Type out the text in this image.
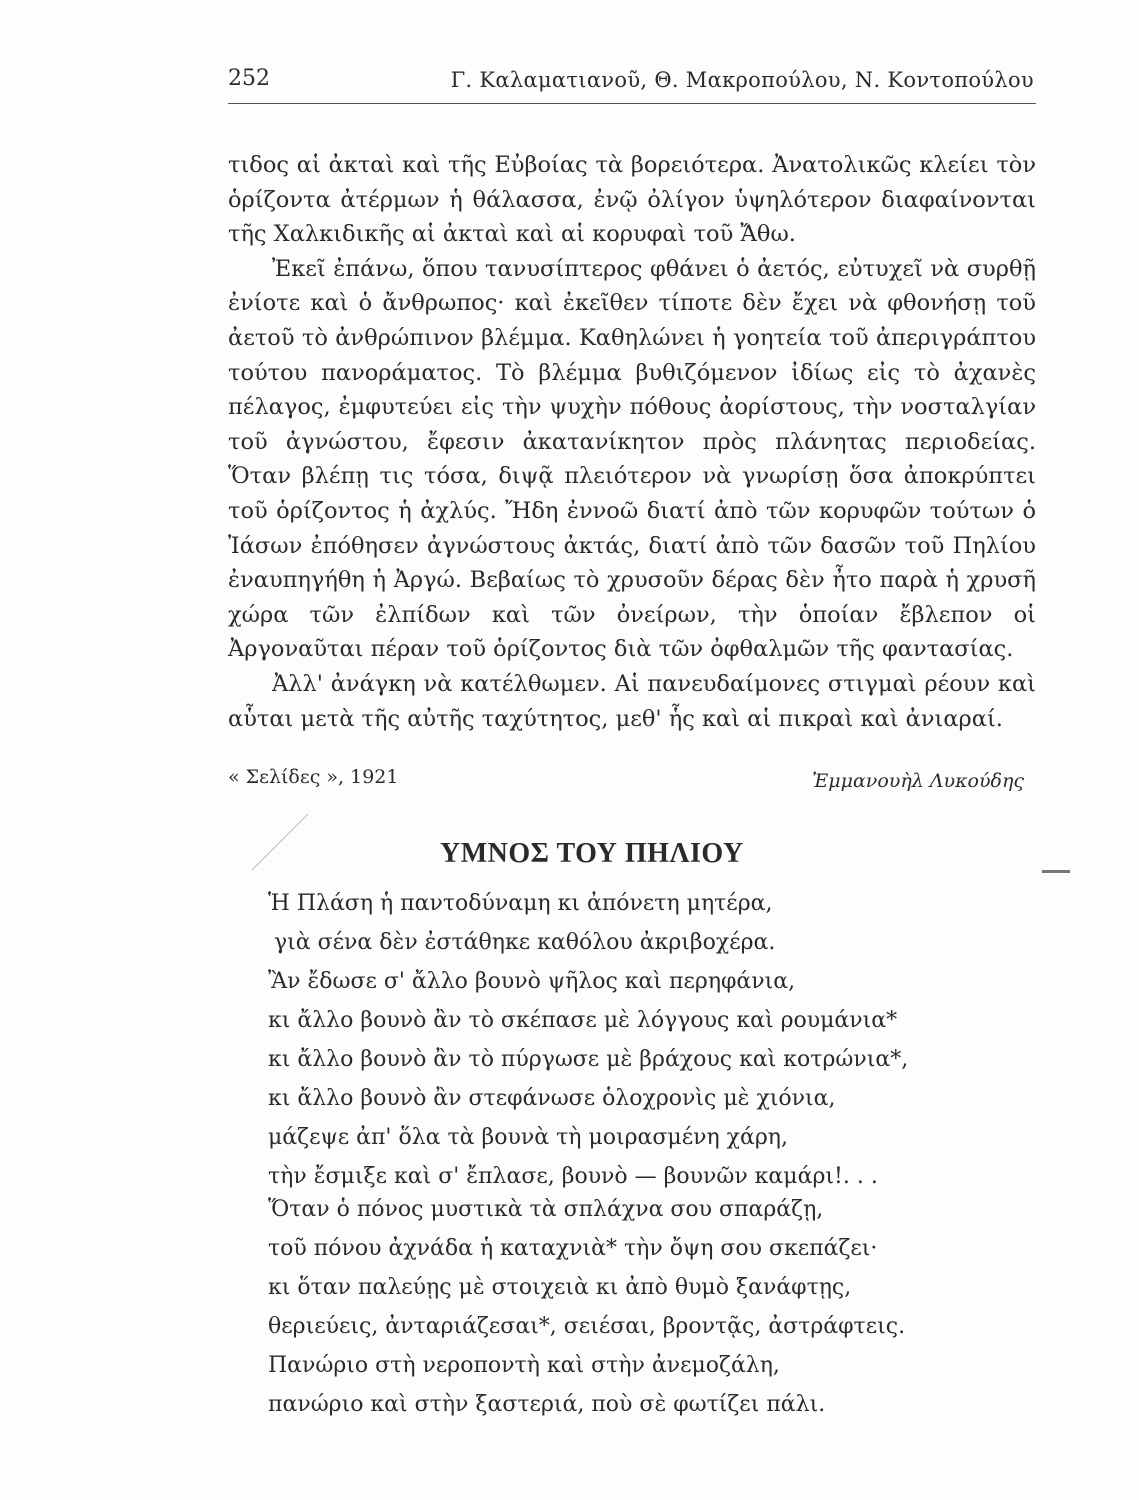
252	Γ. Καλαματιανοῦ, Θ. Μακροπούλου, Ν. Κοντοπούλου

τιδος αἱ ἀκταὶ καὶ τῆς Εὐβοίας τὰ βορειότερα. Ἀνατολικῶς κλείει τὸν ὁρίζοντα ἀτέρμων ἡ θάλασσα, ἐνῷ ὀλίγον ὑψηλότερον διαφαίνονται τῆς Χαλκιδικῆς αἱ ἀκταὶ καὶ αἱ κορυφαὶ τοῦ Ἄθω.

Ἐκεῖ ἐπάνω, ὅπου τανυσίπτερος φθάνει ὁ ἀετός, εὐτυχεῖ νὰ συρθῇ ἐνίοτε καὶ ὁ ἄνθρωπος· καὶ ἐκεῖθεν τίποτε δὲν ἔχει νὰ φθονήσῃ τοῦ ἀετοῦ τὸ ἀνθρώπινον βλέμμα. Καθηλώνει ἡ γοητεία τοῦ ἀπεριγράπτου τούτου πανοράματος. Τὸ βλέμμα βυθιζόμενον ἰδίως εἰς τὸ ἀχανὲς πέλαγος, ἐμφυτεύει εἰς τὴν ψυχὴν πόθους ἀορίστους, τὴν νοσταλγίαν τοῦ ἀγνώστου, ἔφεσιν ἀκατανίκητον πρὸς πλάνητας περιοδείας. Ὅταν βλέπῃ τις τόσα, διψᾷ πλειότερον νὰ γνωρίσῃ ὅσα ἀποκρύπτει τοῦ ὁρίζοντος ἡ ἀχλύς. Ἤδη ἐννοῶ διατί ἀπὸ τῶν κορυφῶν τούτων ὁ Ἰάσων ἐπόθησεν ἀγνώστους ἀκτάς, διατί ἀπὸ τῶν δασῶν τοῦ Πηλίου ἐναυπηγήθη ἡ Ἀργώ. Βεβαίως τὸ χρυσοῦν δέρας δὲν ἦτο παρὰ ἡ χρυσῆ χώρα τῶν ἐλπίδων καὶ τῶν ὀνείρων, τὴν ὁποίαν ἔβλεπον οἱ Ἀργοναῦται πέραν τοῦ ὁρίζοντος διὰ τῶν ὀφθαλμῶν τῆς φαντασίας.

Ἀλλ' ἀνάγκη νὰ κατέλθωμεν. Αἱ πανευδαίμονες στιγμαὶ ρέουν καὶ αὗται μετὰ τῆς αὐτῆς ταχύτητος, μεθ' ἧς καὶ αἱ πικραὶ καὶ ἀνιαραί.

« Σελίδες », 1921	Ἐμμανουὴλ Λυκούδης
ΥΜΝΟΣ ΤΟΥ ΠΗΛΙΟΥ
Ἡ Πλάση ἡ παντοδύναμη κι ἀπόνετη μητέρα,
γιὰ σένα δὲν ἐστάθηκε καθόλου ἀκριβοχέρα.
Ἂν ἔδωσε σ' ἄλλο βουνὸ ψῆλος καὶ περηφάνια,
κι ἄλλο βουνὸ ἂν τὸ σκέπασε μὲ λόγγους καὶ ρουμάνια*
κι ἄλλο βουνὸ ἂν τὸ πύργωσε μὲ βράχους καὶ κοτρώνια*,
κι ἄλλο βουνὸ ἂν στεφάνωσε ὁλοχρονὶς μὲ χιόνια,
μάζεψε ἀπ' ὅλα τὰ βουνὰ τὴ μοιρασμένη χάρη,
τὴν ἔσμιξε καὶ σ' ἔπλασε, βουνὸ — βουνῶν καμάρι!. . .
Ὅταν ὁ πόνος μυστικὰ τὰ σπλάχνα σου σπαράζῃ,
τοῦ πόνου ἀχνάδα ἡ καταχνιὰ* τὴν ὄψη σου σκεπάζει·
κι ὅταν παλεύῃς μὲ στοιχειὰ κι ἀπὸ θυμὸ ξανάφτῃς,
θεριεύεις, ἀνταριάζεσαι*, σειέσαι, βροντᾷς, ἀστράφτεις.
Πανώριο στὴ νεροποντὴ καὶ στὴν ἀνεμοζάλη,
πανώριο καὶ στὴν ξαστεριά, ποὺ σὲ φωτίζει πάλι.
